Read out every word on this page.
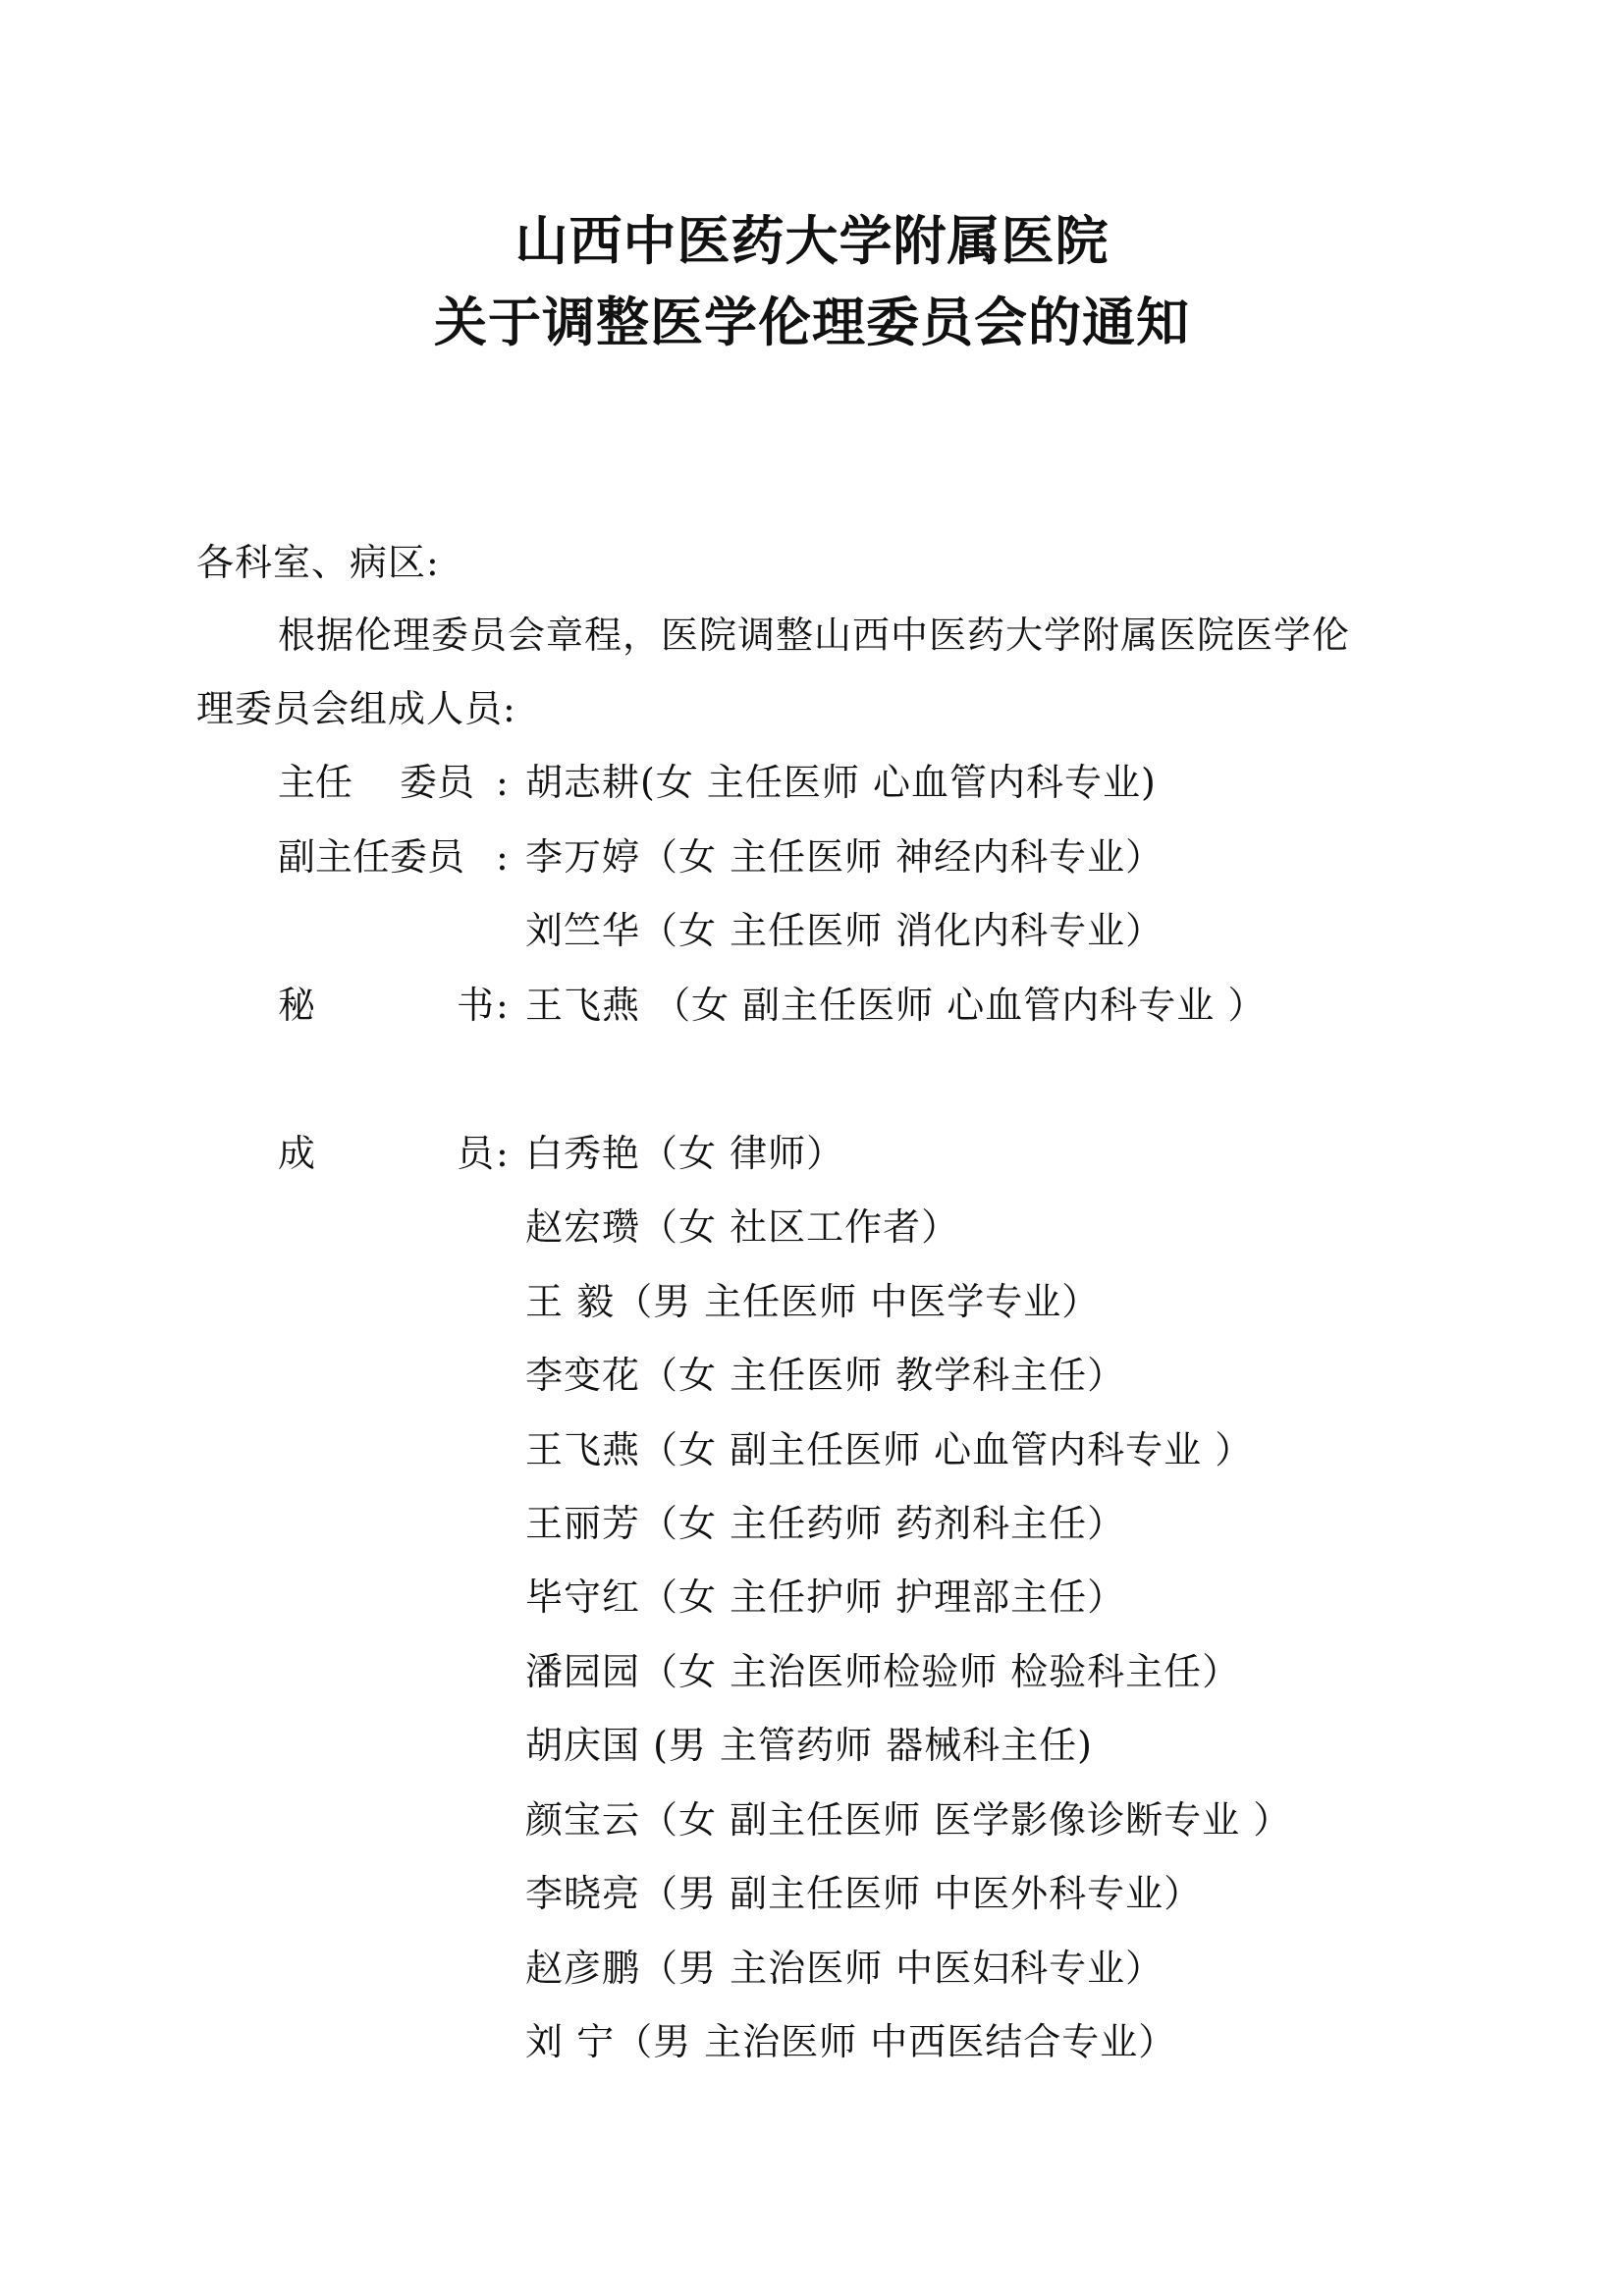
山西中医药大学附属医院
关于调整医学伦理委员会的通知
各科室、病区:
根据伦理委员会章程，医院调整山西中医药大学附属医院医学伦
理委员会组成人员:
主任 委员 : 胡志耕(女 主任医师 心血管内科专业)
副主任委员 : 李万婷（女 主任医师 神经内科专业）
刘竺华（女 主任医师 消化内科专业）
秘	书 : 王飞燕 （女 副主任医师 心血管内科专业 ）
成	员 : 白秀艳（女 律师）
赵宏瓒（女 社区工作者）
王 毅（男 主任医师 中医学专业）
李变花（女 主任医师 教学科主任）
王飞燕（女 副主任医师 心血管内科专业 ）
王丽芳（女 主任药师 药剂科主任）
毕守红（女 主任护师 护理部主任）
潘园园（女 主治医师检验师 检验科主任）
胡庆国 (男 主管药师 器械科主任)
颜宝云（女 副主任医师 医学影像诊断专业 ）
李晓亮（男 副主任医师 中医外科专业）
赵彦鹏（男 主治医师 中医妇科专业）
刘 宁（男 主治医师 中西医结合专业）
